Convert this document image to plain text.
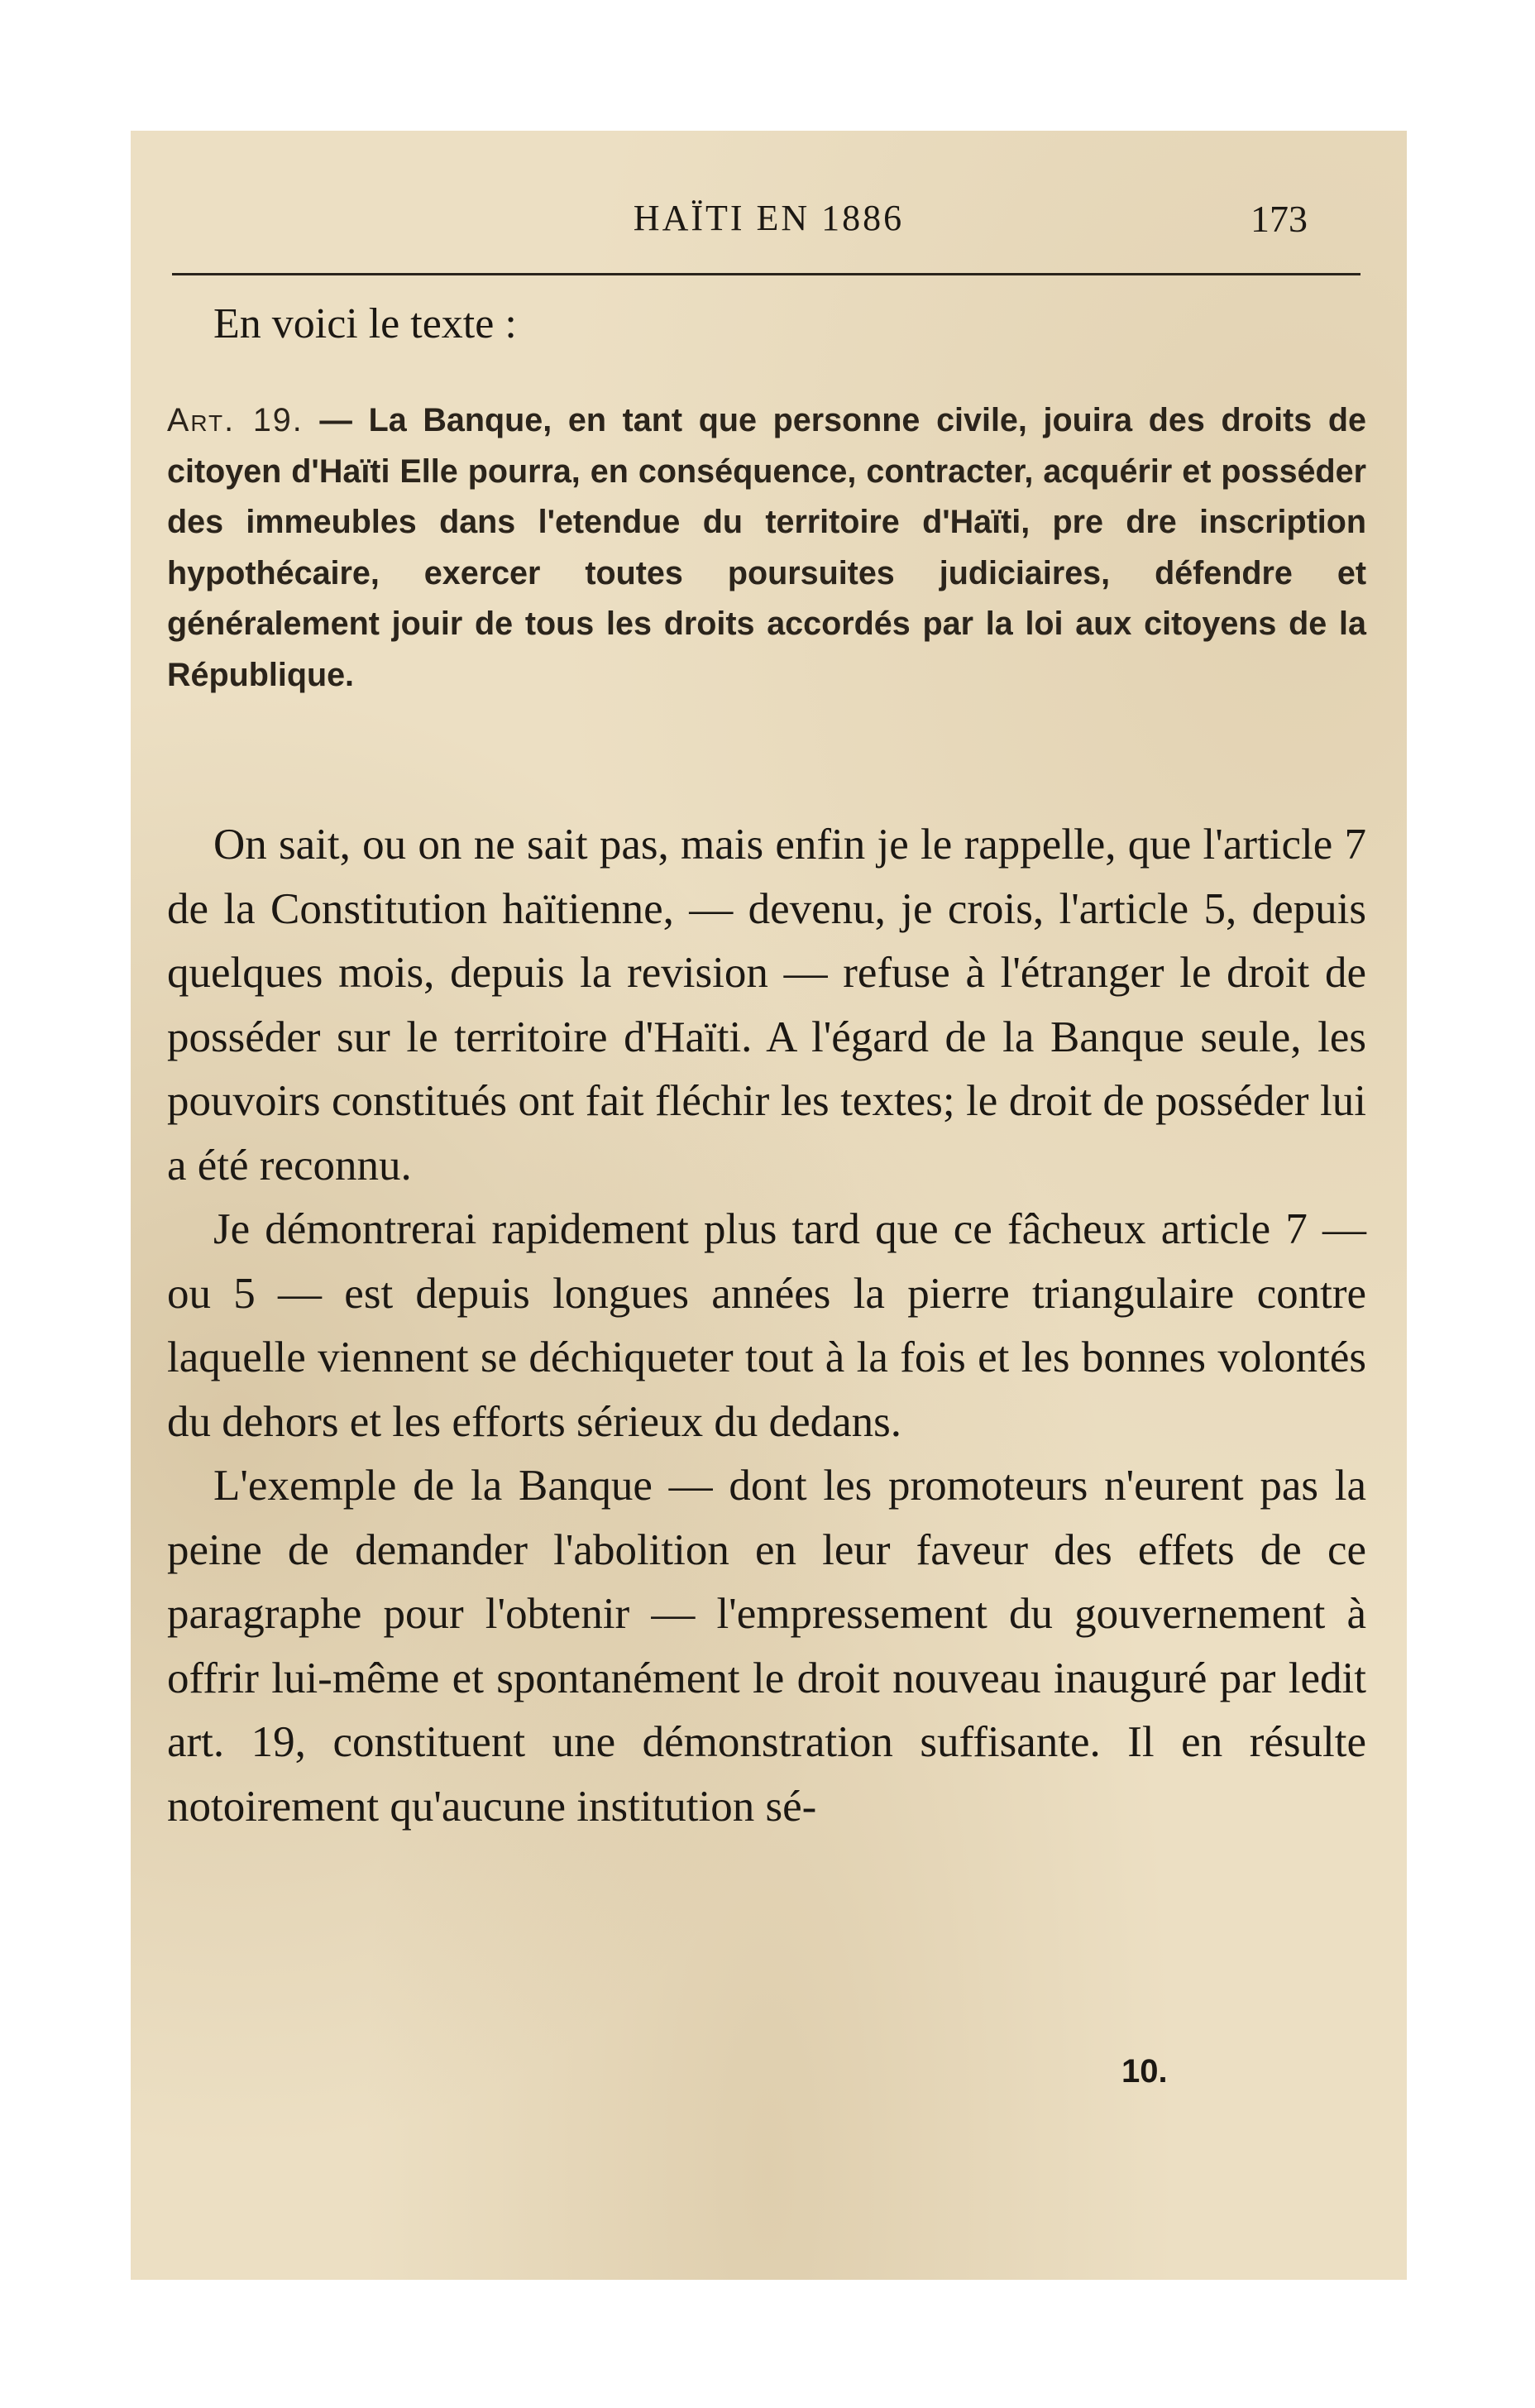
HAÏTI EN 1886	173

En voici le texte :

Art. 19. — La Banque, en tant que personne civile, jouira des droits de citoyen d'Haïti Elle pourra, en conséquence, contracter, acquérir et posséder des immeubles dans l'etendue du territoire d'Haïti, pre dre inscription hypothécaire, exercer toutes poursuites judiciaires, défendre et généralement jouir de tous les droits accordés par la loi aux citoyens de la République.

On sait, ou on ne sait pas, mais enfin je le rappelle, que l'article 7 de la Constitution haïtienne, — devenu, je crois, l'article 5, depuis quelques mois, depuis la revision — refuse à l'étranger le droit de posséder sur le territoire d'Haïti. A l'égard de la Banque seule, les pouvoirs constitués ont fait fléchir les textes; le droit de posséder lui a été reconnu.

Je démontrerai rapidement plus tard que ce fâcheux article 7 — ou 5 — est depuis longues années la pierre triangulaire contre laquelle viennent se déchiqueter tout à la fois et les bonnes volontés du dehors et les efforts sérieux du dedans.

L'exemple de la Banque — dont les promoteurs n'eurent pas la peine de demander l'abolition en leur faveur des effets de ce paragraphe pour l'obtenir — l'empressement du gouvernement à offrir lui-même et spontanément le droit nouveau inauguré par ledit art. 19, constituent une démonstration suffisante. Il en résulte notoirement qu'aucune institution sé-

10.
